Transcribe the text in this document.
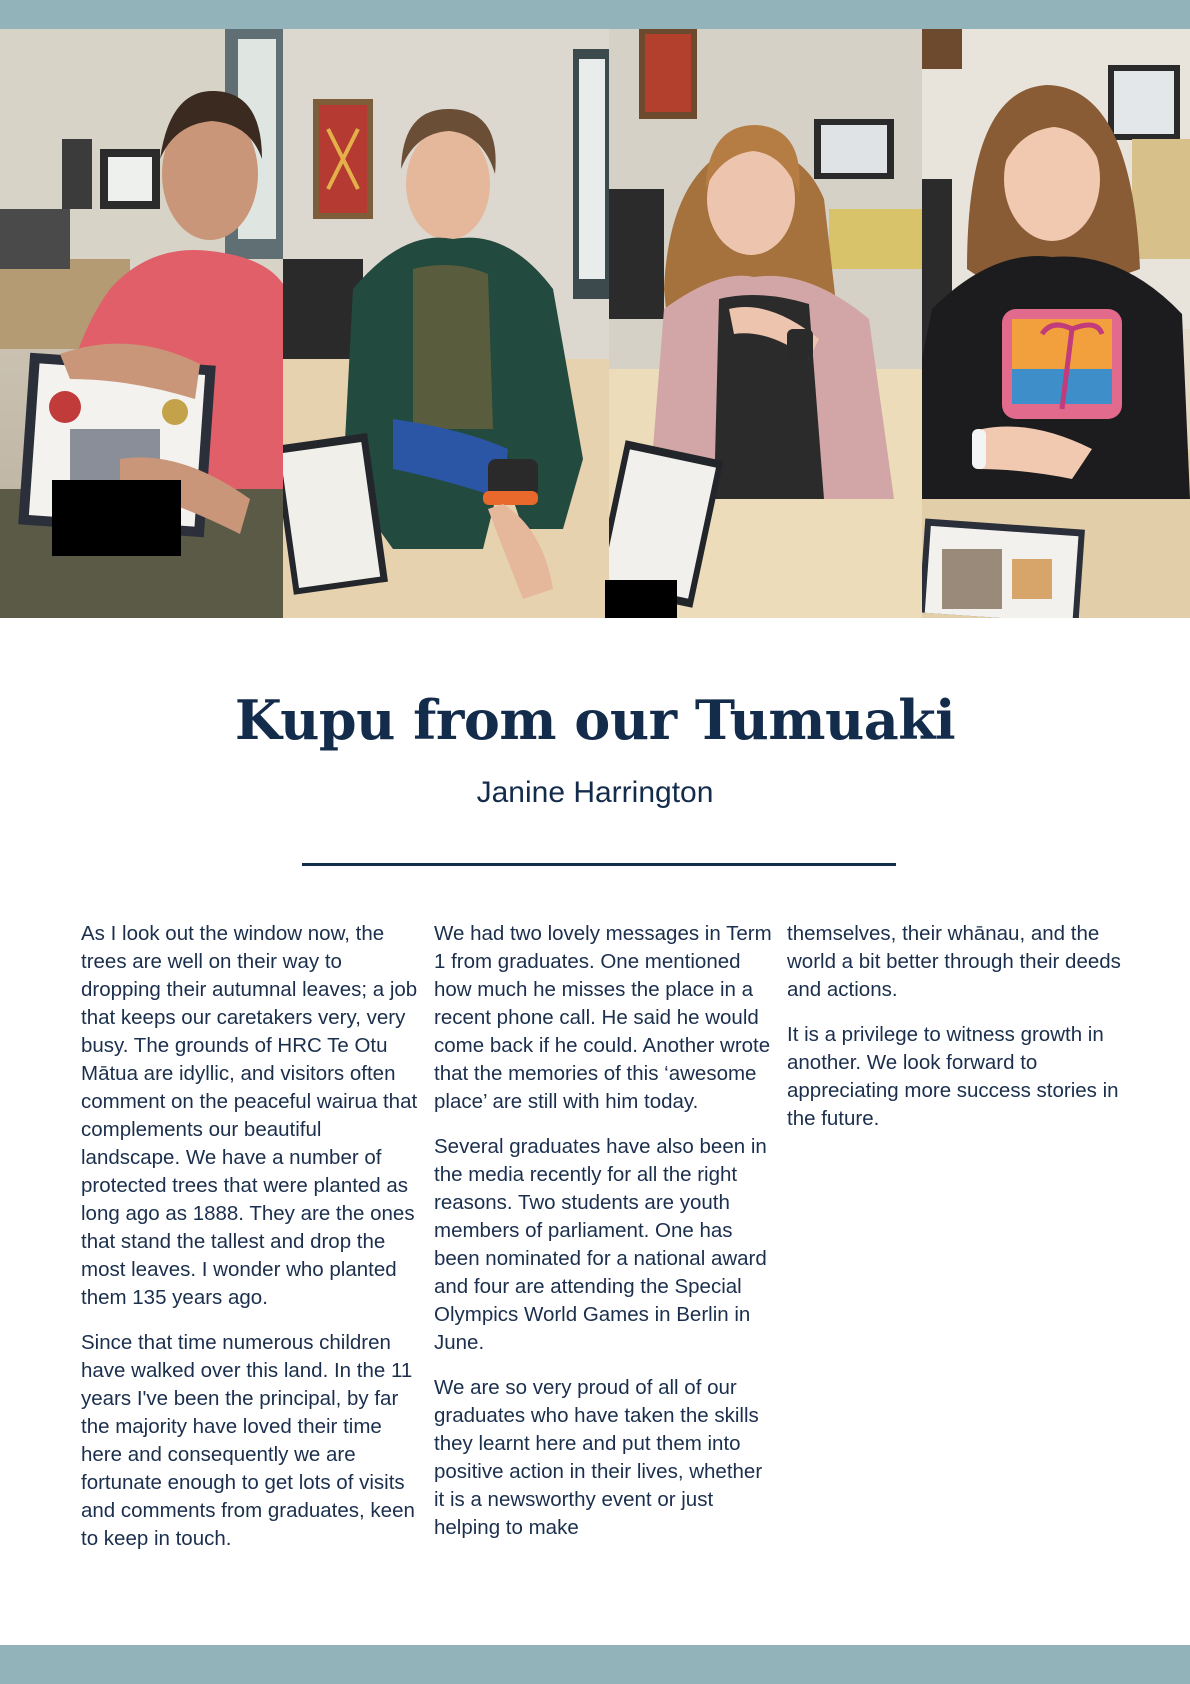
Kupu from our Tumuaki
Janine Harrington

As I look out the window now, the trees are well on their way to dropping their autumnal leaves; a job that keeps our caretakers very, very busy. The grounds of HRC Te Otu Mātua are idyllic, and visitors often comment on the peaceful wairua that complements our beautiful landscape. We have a number of protected trees that were planted as long ago as 1888. They are the ones that stand the tallest and drop the most leaves. I wonder who planted them 135 years ago.

Since that time numerous children have walked over this land. In the 11 years I've been the principal, by far the majority have loved their time here and consequently we are fortunate enough to get lots of visits and comments from graduates, keen to keep in touch.

We had two lovely messages in Term 1 from graduates. One mentioned how much he misses the place in a recent phone call. He said he would come back if he could. Another wrote that the memories of this ‘awesome place’ are still with him today.

Several graduates have also been in the media recently for all the right reasons. Two students are youth members of parliament. One has been nominated for a national award and four are attending the Special Olympics World Games in Berlin in June.

We are so very proud of all of our graduates who have taken the skills they learnt here and put them into positive action in their lives, whether it is a newsworthy event or just helping to make

themselves, their whānau, and the world a bit better through their deeds and actions.

It is a privilege to witness growth in another. We look forward to appreciating more success stories in the future.
